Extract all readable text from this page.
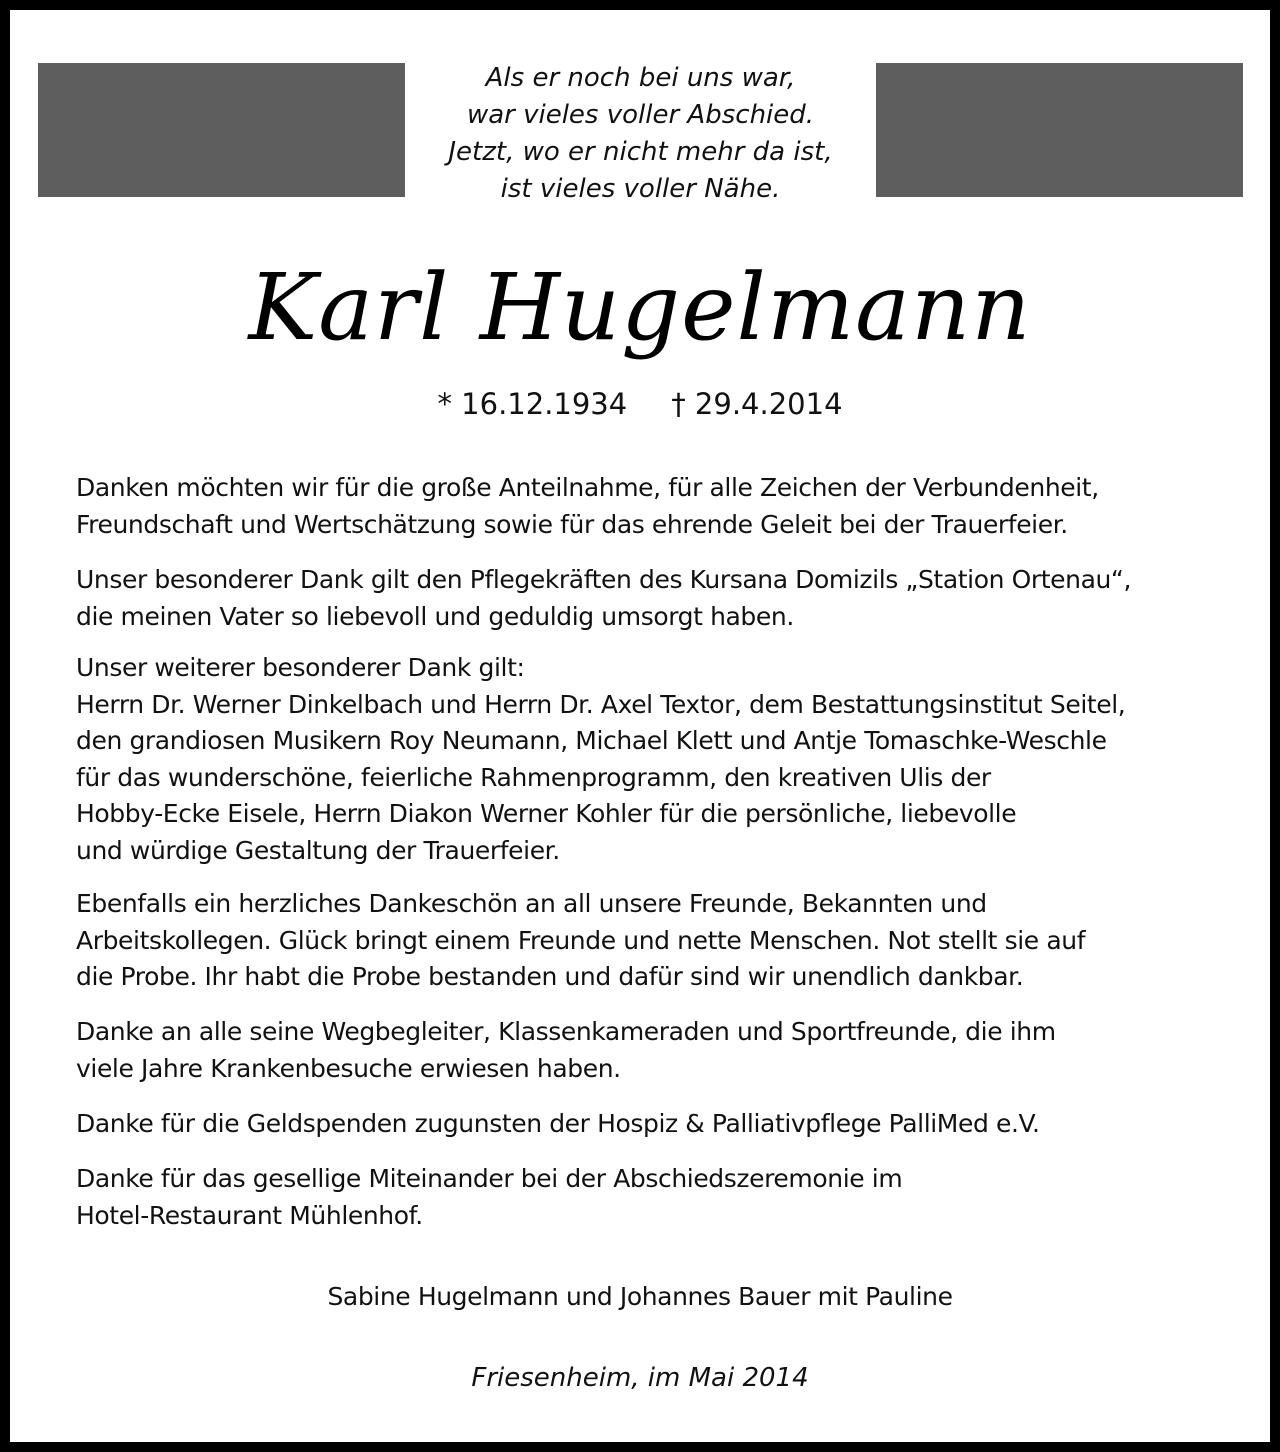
Als er noch bei uns war,
war vieles voller Abschied.
Jetzt, wo er nicht mehr da ist,
ist vieles voller Nähe.
Karl Hugelmann
* 16.12.1934 † 29.4.2014
Danken möchten wir für die große Anteilnahme, für alle Zeichen der Verbundenheit,
Freundschaft und Wertschätzung sowie für das ehrende Geleit bei der Trauerfeier.
Unser besonderer Dank gilt den Pflegekräften des Kursana Domizils „Station Ortenau“,
die meinen Vater so liebevoll und geduldig umsorgt haben.
Unser weiterer besonderer Dank gilt:
Herrn Dr. Werner Dinkelbach und Herrn Dr. Axel Textor, dem Bestattungsinstitut Seitel,
den grandiosen Musikern Roy Neumann, Michael Klett und Antje Tomaschke-Weschle
für das wunderschöne, feierliche Rahmenprogramm, den kreativen Ulis der
Hobby-Ecke Eisele, Herrn Diakon Werner Kohler für die persönliche, liebevolle
und würdige Gestaltung der Trauerfeier.
Ebenfalls ein herzliches Dankeschön an all unsere Freunde, Bekannten und
Arbeitskollegen. Glück bringt einem Freunde und nette Menschen. Not stellt sie auf
die Probe. Ihr habt die Probe bestanden und dafür sind wir unendlich dankbar.
Danke an alle seine Wegbegleiter, Klassenkameraden und Sportfreunde, die ihm
viele Jahre Krankenbesuche erwiesen haben.
Danke für die Geldspenden zugunsten der Hospiz & Palliativpflege PalliMed e.V.
Danke für das gesellige Miteinander bei der Abschiedszeremonie im
Hotel-Restaurant Mühlenhof.
Sabine Hugelmann und Johannes Bauer mit Pauline
Friesenheim, im Mai 2014
